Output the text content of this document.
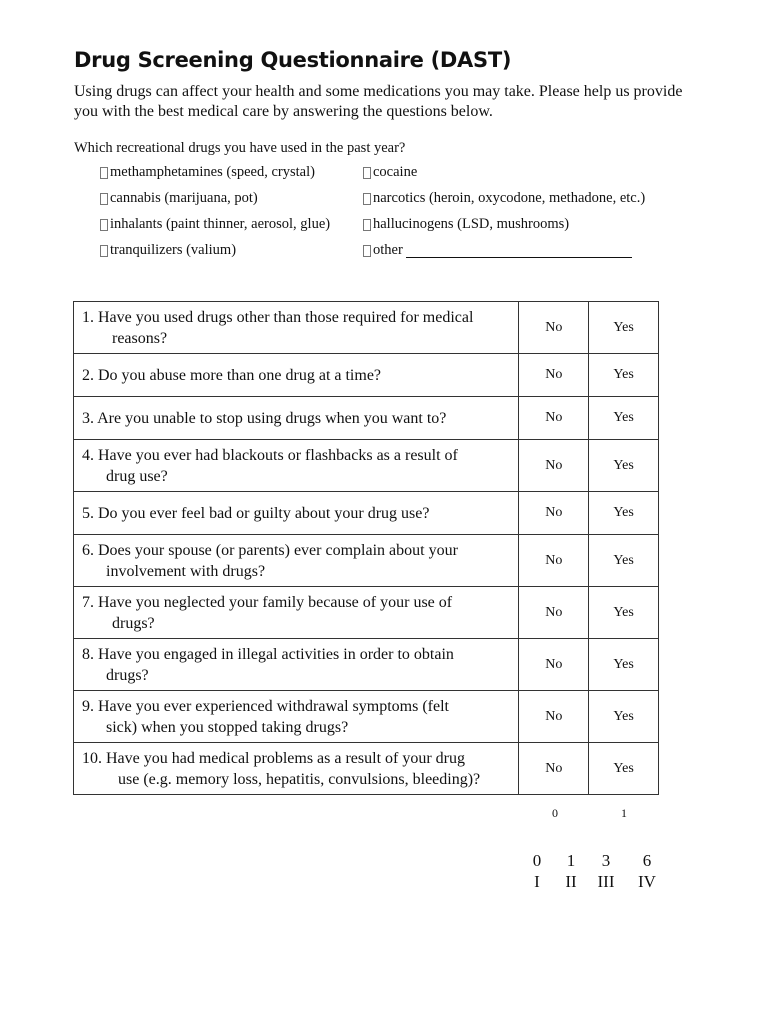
Drug Screening Questionnaire (DAST)
Using drugs can affect your health and some medications you may take. Please help us provide you with the best medical care by answering the questions below.
Which recreational drugs you have used in the past year?
methamphetamines (speed, crystal)	cocaine
cannabis (marijuana, pot)	narcotics (heroin, oxycodone, methadone, etc.)
inhalants (paint thinner, aerosol, glue)	hallucinogens (LSD, mushrooms)
tranquilizers (valium)	other
1. Have you used drugs other than those required for medical
reasons?	No	Yes

2. Do you abuse more than one drug at a time?	No	Yes

3. Are you unable to stop using drugs when you want to?	No	Yes

4. Have you ever had blackouts or flashbacks as a result of
drug use?	No	Yes

5. Do you ever feel bad or guilty about your drug use?	No	Yes

6. Does your spouse (or parents) ever complain about your
involvement with drugs?	No	Yes

7. Have you neglected your family because of your use of
drugs?	No	Yes

8. Have you engaged in illegal activities in order to obtain
drugs?	No	Yes

9. Have you ever experienced withdrawal symptoms (felt
sick) when you stopped taking drugs?	No	Yes

10. Have you had medical problems as a result of your drug
use (e.g. memory loss, hepatitis, convulsions, bleeding)?	No	Yes
0	1
0	1	3	6
I	II	III	IV
